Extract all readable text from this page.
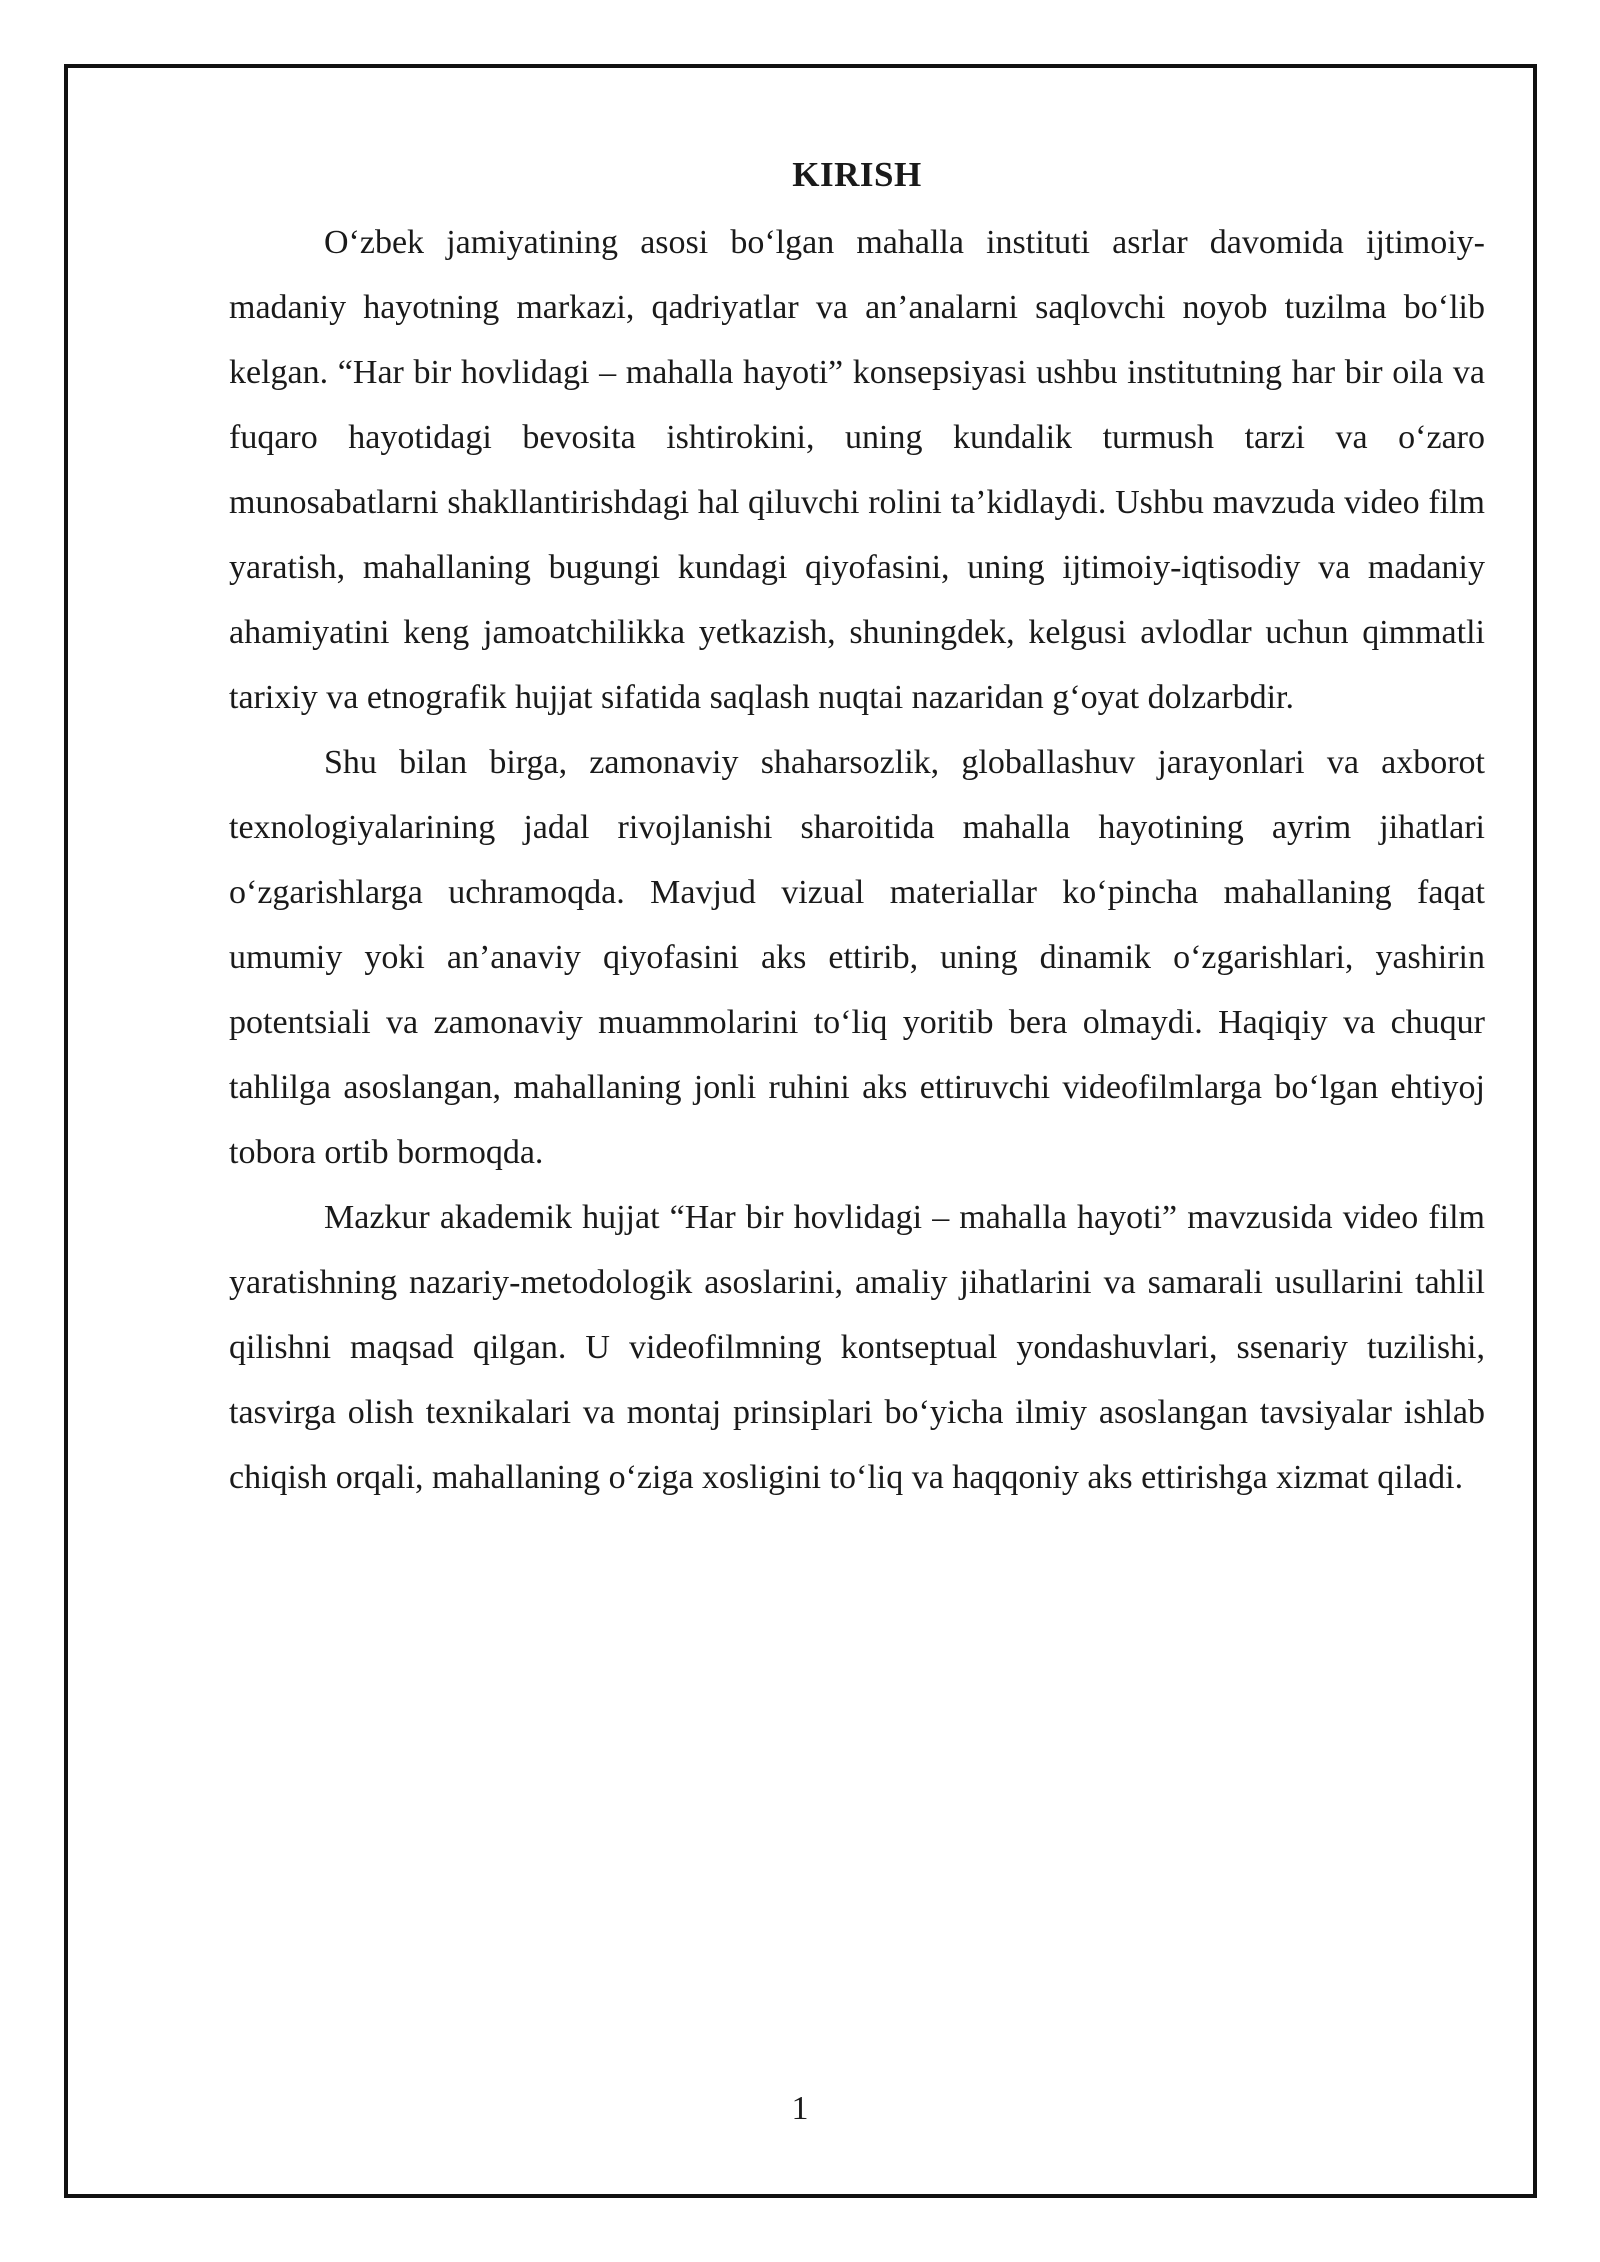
KIRISH

O‘zbek jamiyatining asosi bo‘lgan mahalla instituti asrlar davomida ijtimoiy-madaniy hayotning markazi, qadriyatlar va an’analarni saqlovchi noyob tuzilma bo‘lib kelgan. “Har bir hovlidagi – mahalla hayoti” konsepsiyasi ushbu institutning har bir oila va fuqaro hayotidagi bevosita ishtirokini, uning kundalik turmush tarzi va o‘zaro munosabatlarni shakllantirishdagi hal qiluvchi rolini ta’kidlaydi. Ushbu mavzuda video film yaratish, mahallaning bugungi kundagi qiyofasini, uning ijtimoiy-iqtisodiy va madaniy ahamiyatini keng jamoatchilikka yetkazish, shuningdek, kelgusi avlodlar uchun qimmatli tarixiy va etnografik hujjat sifatida saqlash nuqtai nazaridan g‘oyat dolzarbdir.

Shu bilan birga, zamonaviy shaharsozlik, globallashuv jarayonlari va axborot texnologiyalarining jadal rivojlanishi sharoitida mahalla hayotining ayrim jihatlari o‘zgarishlarga uchramoqda. Mavjud vizual materiallar ko‘pincha mahallaning faqat umumiy yoki an’anaviy qiyofasini aks ettirib, uning dinamik o‘zgarishlari, yashirin potentsiali va zamonaviy muammolarini to‘liq yoritib bera olmaydi. Haqiqiy va chuqur tahlilga asoslangan, mahallaning jonli ruhini aks ettiruvchi videofilmlarga bo‘lgan ehtiyoj tobora ortib bormoqda.

Mazkur akademik hujjat “Har bir hovlidagi – mahalla hayoti” mavzusida video film yaratishning nazariy-metodologik asoslarini, amaliy jihatlarini va samarali usullarini tahlil qilishni maqsad qilgan. U videofilmning kontseptual yondashuvlari, ssenariy tuzilishi, tasvirga olish texnikalari va montaj prinsiplari bo‘yicha ilmiy asoslangan tavsiyalar ishlab chiqish orqali, mahallaning o‘ziga xosligini to‘liq va haqqoniy aks ettirishga xizmat qiladi.

1
